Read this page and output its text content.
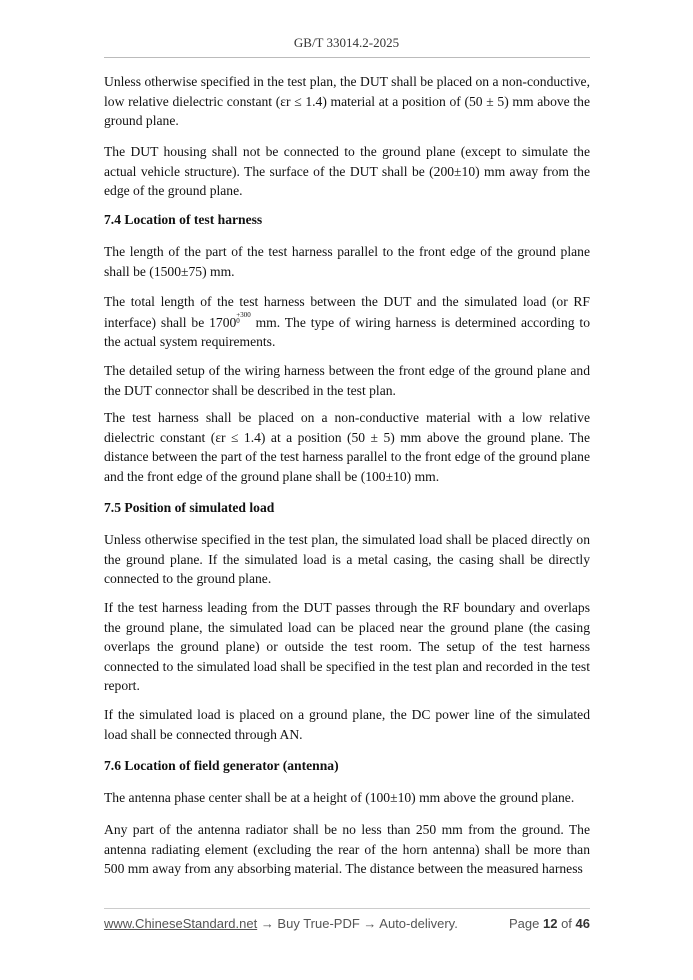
GB/T 33014.2-2025
Unless otherwise specified in the test plan, the DUT shall be placed on a non-conductive, low relative dielectric constant (εr ≤ 1.4) material at a position of (50 ± 5) mm above the ground plane.
The DUT housing shall not be connected to the ground plane (except to simulate the actual vehicle structure). The surface of the DUT shall be (200±10) mm away from the edge of the ground plane.
7.4 Location of test harness
The length of the part of the test harness parallel to the front edge of the ground plane shall be (1500±75) mm.
The total length of the test harness between the DUT and the simulated load (or RF interface) shall be $1700^{+300 0}$ mm. The type of wiring harness is determined according to the actual system requirements.
The detailed setup of the wiring harness between the front edge of the ground plane and the DUT connector shall be described in the test plan.
The test harness shall be placed on a non-conductive material with a low relative dielectric constant (εr ≤ 1.4) at a position (50 ± 5) mm above the ground plane. The distance between the part of the test harness parallel to the front edge of the ground plane and the front edge of the ground plane shall be (100±10) mm.
7.5 Position of simulated load
Unless otherwise specified in the test plan, the simulated load shall be placed directly on the ground plane. If the simulated load is a metal casing, the casing shall be directly connected to the ground plane.
If the test harness leading from the DUT passes through the RF boundary and overlaps the ground plane, the simulated load can be placed near the ground plane (the casing overlaps the ground plane) or outside the test room. The setup of the test harness connected to the simulated load shall be specified in the test plan and recorded in the test report.
If the simulated load is placed on a ground plane, the DC power line of the simulated load shall be connected through AN.
7.6 Location of field generator (antenna)
The antenna phase center shall be at a height of (100±10) mm above the ground plane.
Any part of the antenna radiator shall be no less than 250 mm from the ground. The antenna radiating element (excluding the rear of the horn antenna) shall be more than 500 mm away from any absorbing material. The distance between the measured harness
www.ChineseStandard.net → Buy True-PDF → Auto-delivery.	Page 12 of 46
